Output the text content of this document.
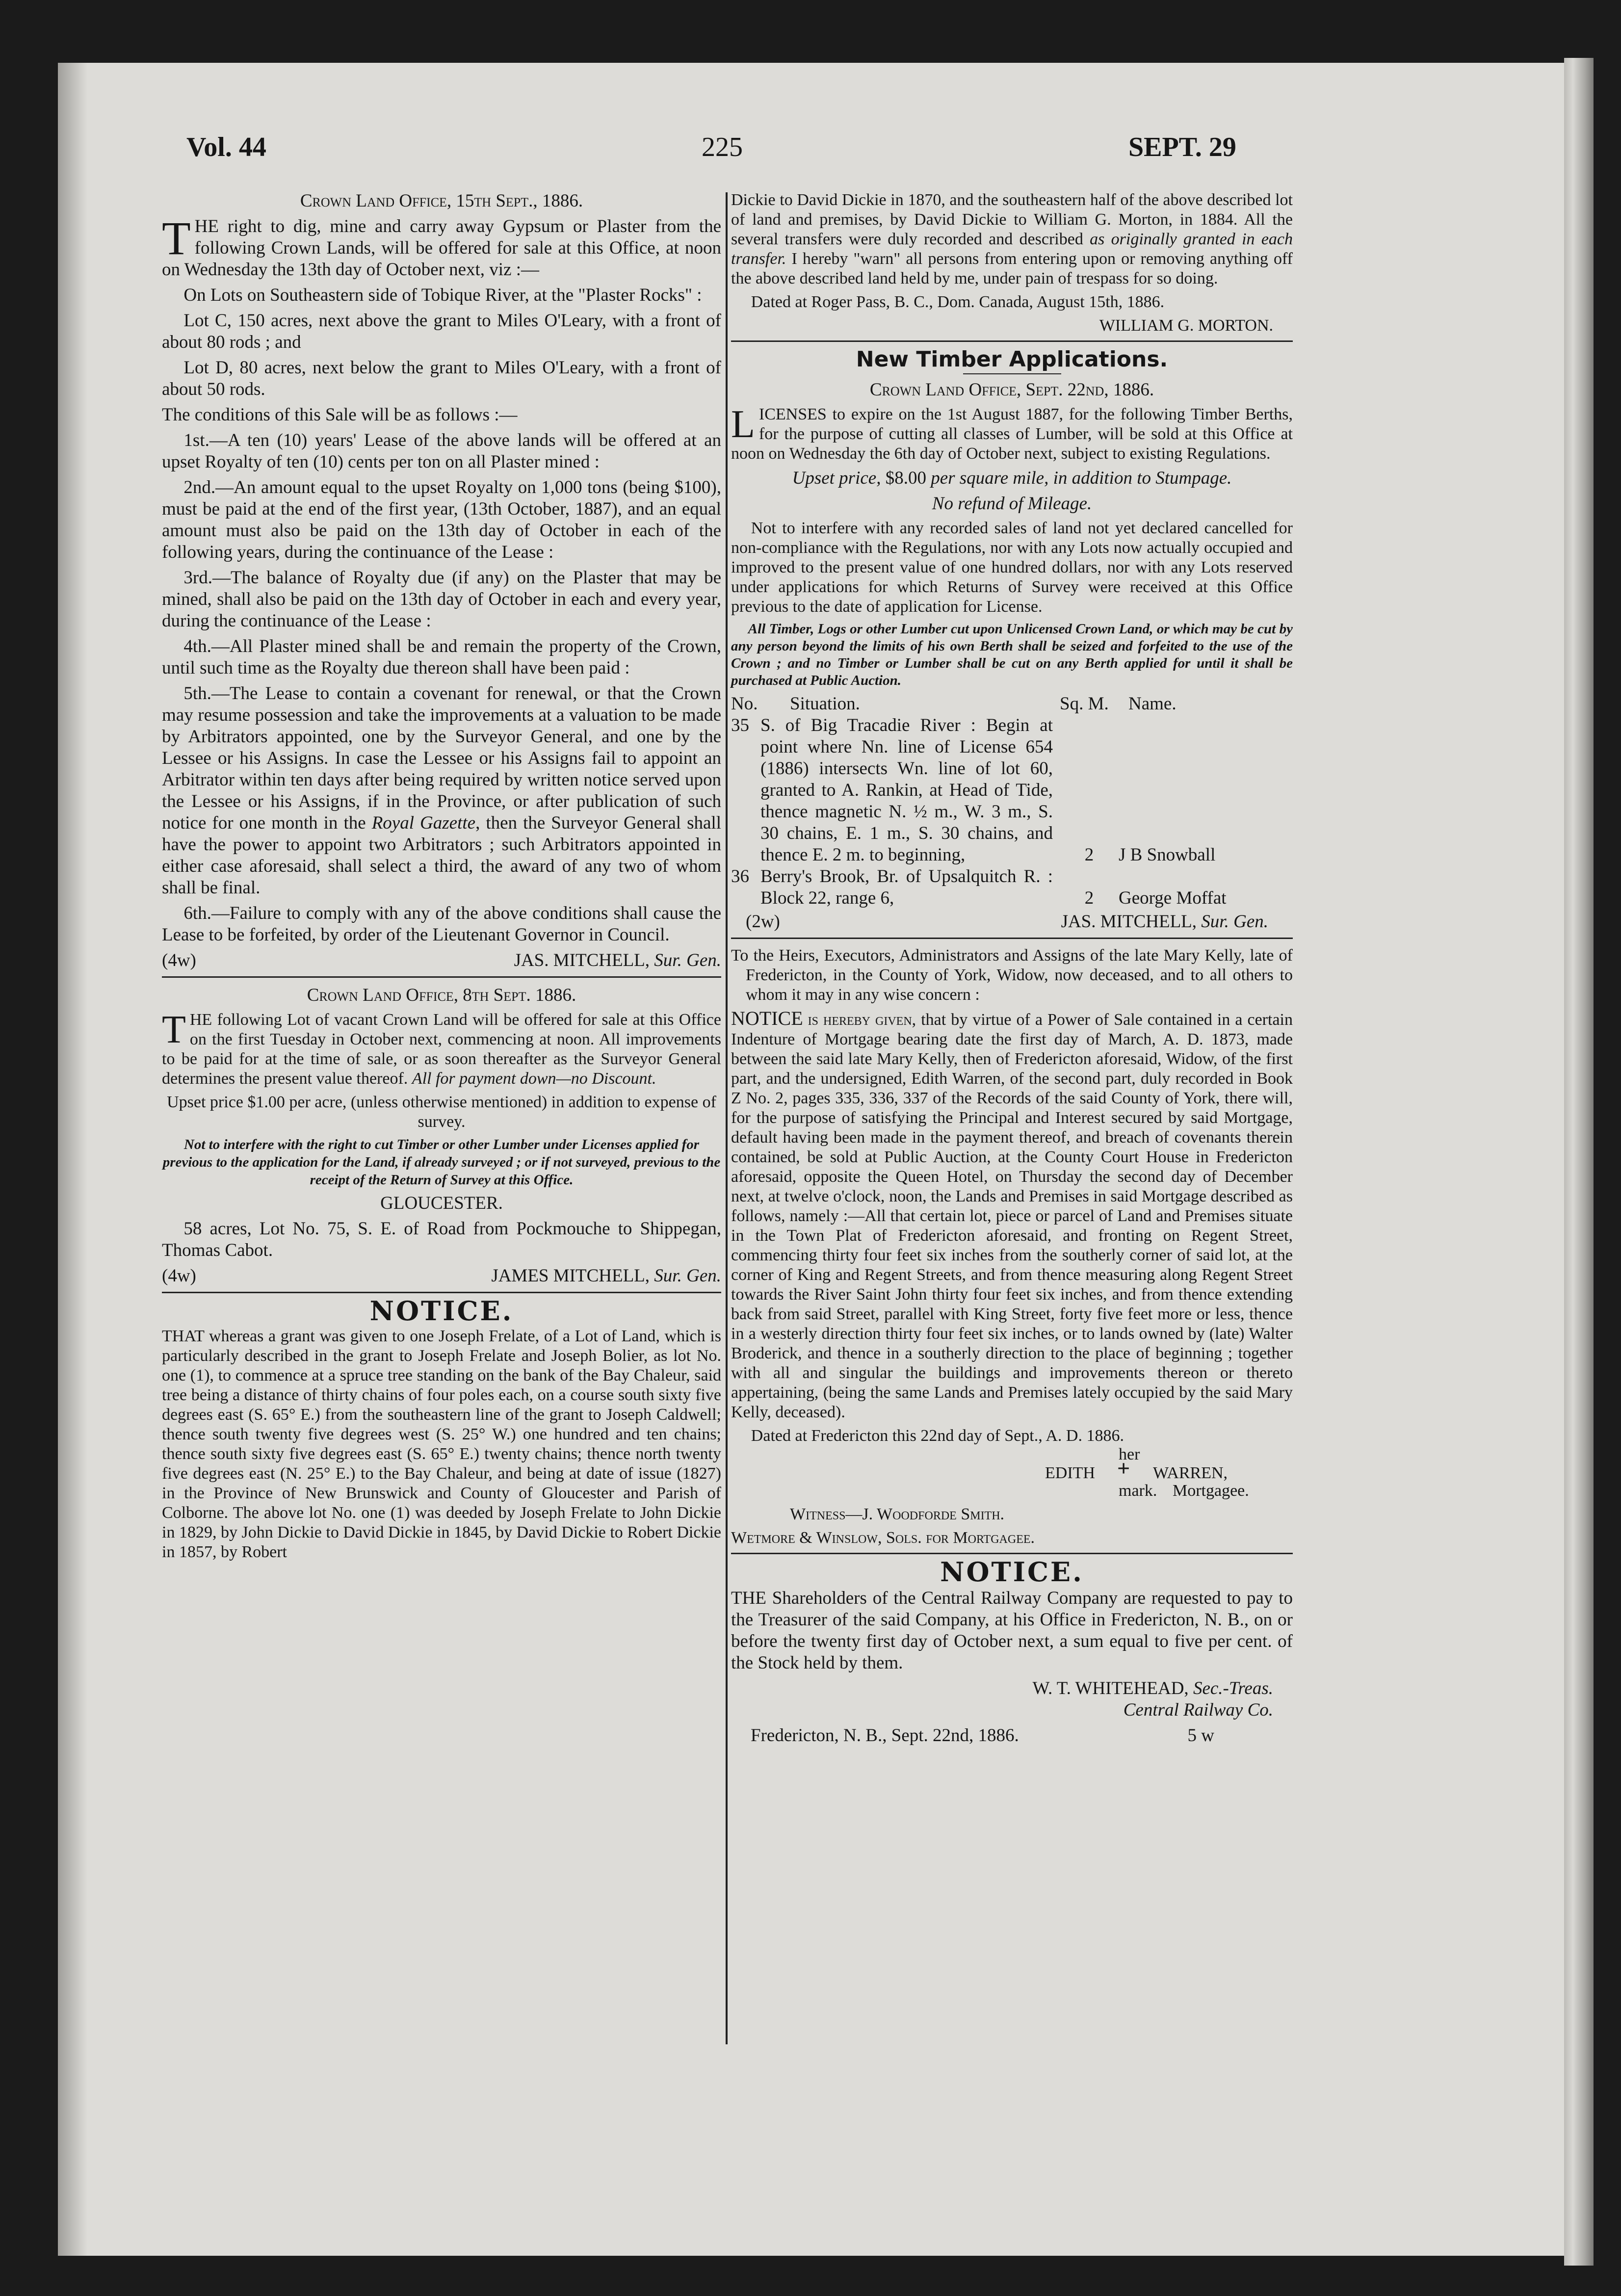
Vol. 44	225	SEPT. 29

Crown Land Office, 15th Sept., 1886.

THE right to dig, mine and carry away Gypsum or Plaster from the following Crown Lands, will be offered for sale at this Office, at noon on Wednesday the 13th day of October next, viz :—

On Lots on Southeastern side of Tobique River, at the "Plaster Rocks" :

Lot C, 150 acres, next above the grant to Miles O'Leary, with a front of about 80 rods ; and

Lot D, 80 acres, next below the grant to Miles O'Leary, with a front of about 50 rods.

The conditions of this Sale will be as follows :—

1st.—A ten (10) years' Lease of the above lands will be offered at an upset Royalty of ten (10) cents per ton on all Plaster mined :

2nd.—An amount equal to the upset Royalty on 1,000 tons (being $100), must be paid at the end of the first year, (13th October, 1887), and an equal amount must also be paid on the 13th day of October in each of the following years, during the continuance of the Lease :

3rd.—The balance of Royalty due (if any) on the Plaster that may be mined, shall also be paid on the 13th day of October in each and every year, during the continuance of the Lease :

4th.—All Plaster mined shall be and remain the property of the Crown, until such time as the Royalty due thereon shall have been paid :

5th.—The Lease to contain a covenant for renewal, or that the Crown may resume possession and take the improvements at a valuation to be made by Arbitrators appointed, one by the Surveyor General, and one by the Lessee or his Assigns. In case the Lessee or his Assigns fail to appoint an Arbitrator within ten days after being required by written notice served upon the Lessee or his Assigns, if in the Province, or after publication of such notice for one month in the Royal Gazette, then the Surveyor General shall have the power to appoint two Arbitrators ; such Arbitrators appointed in either case aforesaid, shall select a third, the award of any two of whom shall be final.

6th.—Failure to comply with any of the above conditions shall cause the Lease to be forfeited, by order of the Lieutenant Governor in Council.

(4w)	JAS. MITCHELL, Sur. Gen.

Crown Land Office, 8th Sept. 1886.

THE following Lot of vacant Crown Land will be offered for sale at this Office on the first Tuesday in October next, commencing at noon. All improvements to be paid for at the time of sale, or as soon thereafter as the Surveyor General determines the present value thereof. All for payment down—no Discount.

Upset price $1.00 per acre, (unless otherwise mentioned) in addition to expense of survey.

Not to interfere with the right to cut Timber or other Lumber under Licenses applied for previous to the application for the Land, if already surveyed ; or if not surveyed, previous to the receipt of the Return of Survey at this Office.

GLOUCESTER.

58 acres, Lot No. 75, S. E. of Road from Pockmouche to Shippegan, Thomas Cabot.

(4w)	JAMES MITCHELL, Sur. Gen.
NOTICE.

THAT whereas a grant was given to one Joseph Frelate, of a Lot of Land, which is particularly described in the grant to Joseph Frelate and Joseph Bolier, as lot No. one (1), to commence at a spruce tree standing on the bank of the Bay Chaleur, said tree being a distance of thirty chains of four poles each, on a course south sixty five degrees east (S. 65° E.) from the southeastern line of the grant to Joseph Caldwell; thence south twenty five degrees west (S. 25° W.) one hundred and ten chains; thence south sixty five degrees east (S. 65° E.) twenty chains; thence north twenty five degrees east (N. 25° E.) to the Bay Chaleur, and being at date of issue (1827) in the Province of New Brunswick and County of Gloucester and Parish of Colborne. The above lot No. one (1) was deeded by Joseph Frelate to John Dickie in 1829, by John Dickie to David Dickie in 1845, by David Dickie to Robert Dickie in 1857, by Robert

Dickie to David Dickie in 1870, and the southeastern half of the above described lot of land and premises, by David Dickie to William G. Morton, in 1884. All the several transfers were duly recorded and described as originally granted in each transfer. I hereby "warn" all persons from entering upon or removing anything off the above described land held by me, under pain of trespass for so doing.

Dated at Roger Pass, B. C., Dom. Canada, August 15th, 1886.

WILLIAM G. MORTON.

New Timber Applications.

Crown Land Office, Sept. 22nd, 1886.

LICENSES to expire on the 1st August 1887, for the following Timber Berths, for the purpose of cutting all classes of Lumber, will be sold at this Office at noon on Wednesday the 6th day of October next, subject to existing Regulations.

Upset price, $8.00 per square mile, in addition to Stumpage.

No refund of Mileage.

Not to interfere with any recorded sales of land not yet declared cancelled for non-compliance with the Regulations, nor with any Lots now actually occupied and improved to the present value of one hundred dollars, nor with any Lots reserved under applications for which Returns of Survey were received at this Office previous to the date of application for License.

All Timber, Logs or other Lumber cut upon Unlicensed Crown Land, or which may be cut by any person beyond the limits of his own Berth shall be seized and forfeited to the use of the Crown ; and no Timber or Lumber shall be cut on any Berth applied for until it shall be purchased at Public Auction.

No.	Situation.	Sq. M.	Name.
35	S. of Big Tracadie River : Begin at point where Nn. line of License 654 (1886) intersects Wn. line of lot 60, granted to A. Rankin, at Head of Tide, thence magnetic N. ½ m., W. 3 m., S. 30 chains, E. 1 m., S. 30 chains, and thence E. 2 m. to beginning,	2	J B Snowball
36	Berry's Brook, Br. of Upsalquitch R. : Block 22, range 6,	2	George Moffat
(2w)	JAS. MITCHELL, Sur. Gen.

To the Heirs, Executors, Administrators and Assigns of the late Mary Kelly, late of Fredericton, in the County of York, Widow, now deceased, and to all others to whom it may in any wise concern :

NOTICE is hereby given, that by virtue of a Power of Sale contained in a certain Indenture of Mortgage bearing date the first day of March, A. D. 1873, made between the said late Mary Kelly, then of Fredericton aforesaid, Widow, of the first part, and the undersigned, Edith Warren, of the second part, duly recorded in Book Z No. 2, pages 335, 336, 337 of the Records of the said County of York, there will, for the purpose of satisfying the Principal and Interest secured by said Mortgage, default having been made in the payment thereof, and breach of covenants therein contained, be sold at Public Auction, at the County Court House in Fredericton aforesaid, opposite the Queen Hotel, on Thursday the second day of December next, at twelve o'clock, noon, the Lands and Premises in said Mortgage described as follows, namely :—All that certain lot, piece or parcel of Land and Premises situate in the Town Plat of Fredericton aforesaid, and fronting on Regent Street, commencing thirty four feet six inches from the southerly corner of said lot, at the corner of King and Regent Streets, and from thence measuring along Regent Street towards the River Saint John thirty four feet six inches, and from thence extending back from said Street, parallel with King Street, forty five feet more or less, thence in a westerly direction thirty four feet six inches, or to lands owned by (late) Walter Broderick, and thence in a southerly direction to the place of beginning ; together with all and singular the buildings and improvements thereon or thereto appertaining, (being the same Lands and Premises lately occupied by the said Mary Kelly, deceased).

Dated at Fredericton this 22nd day of Sept., A. D. 1886.

her
EDITH +	WARREN,
mark. Mortgagee.

Witness—J. Woodforde Smith.

Wetmore & Winslow, Sols. for Mortgagee.

NOTICE.

THE Shareholders of the Central Railway Company are requested to pay to the Treasurer of the said Company, at his Office in Fredericton, N. B., on or before the twenty first day of October next, a sum equal to five per cent. of the Stock held by them.

W. T. WHITEHEAD, Sec.-Treas.

Central Railway Co.

Fredericton, N. B., Sept. 22nd, 1886.	5 w
